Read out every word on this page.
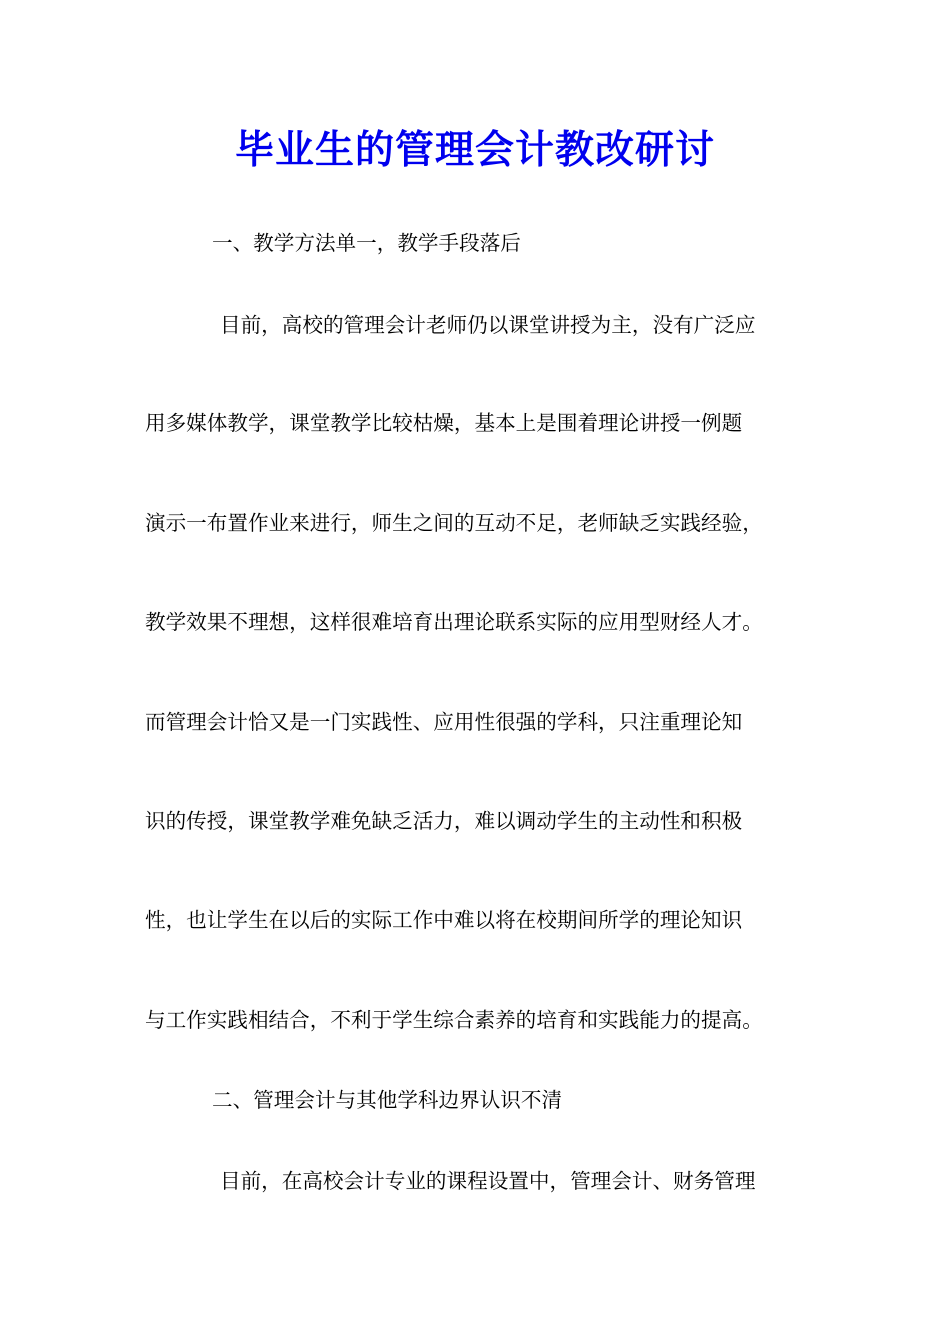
毕业生的管理会计教改研讨
一、教学方法单一，教学手段落后
目前，高校的管理会计老师仍以课堂讲授为主，没有广泛应
用多媒体教学，课堂教学比较枯燥，基本上是围着理论讲授一例题
演示一布置作业来进行，师生之间的互动不足，老师缺乏实践经验，
教学效果不理想，这样很难培育出理论联系实际的应用型财经人才。
而管理会计恰又是一门实践性、应用性很强的学科，只注重理论知
识的传授，课堂教学难免缺乏活力，难以调动学生的主动性和积极
性，也让学生在以后的实际工作中难以将在校期间所学的理论知识
与工作实践相结合，不利于学生综合素养的培育和实践能力的提高。
二、管理会计与其他学科边界认识不清
目前，在高校会计专业的课程设置中，管理会计、财务管理
